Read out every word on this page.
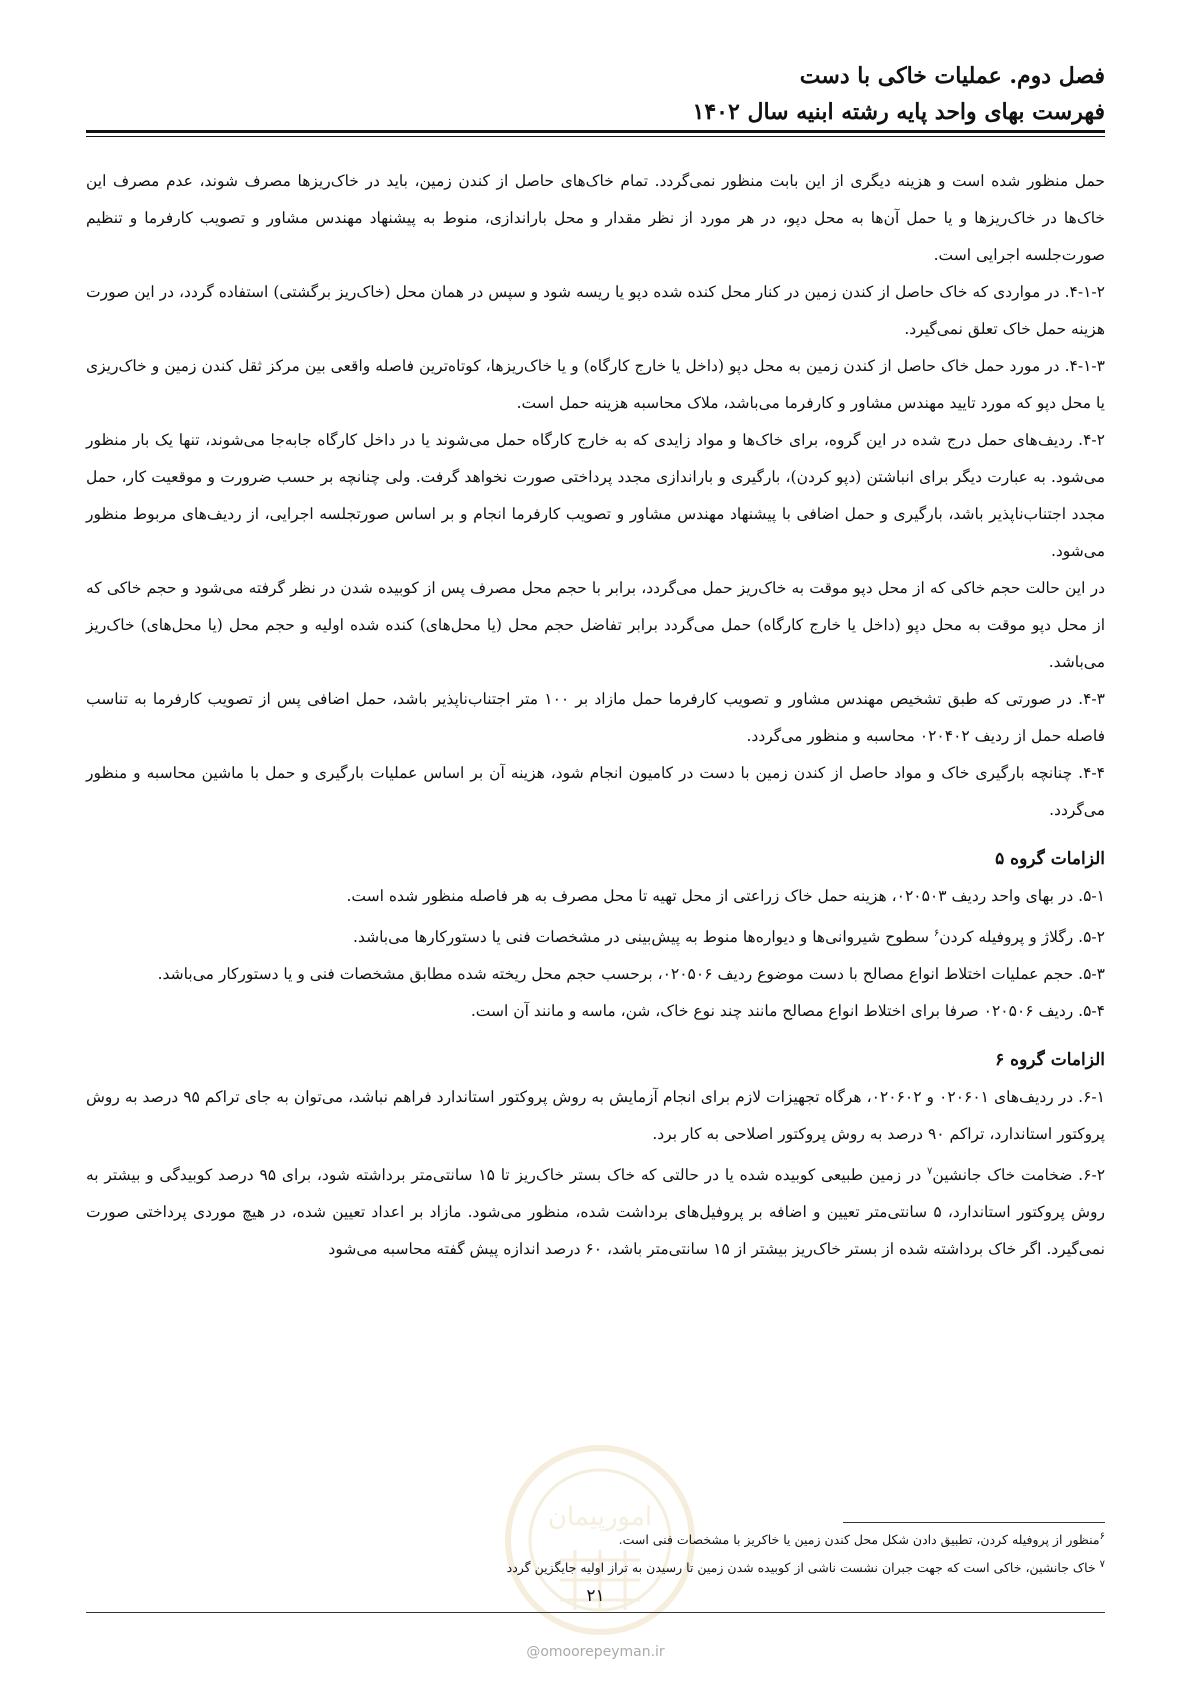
فصل دوم. عملیات خاکی با دست
فهرست بهای واحد پایه رشته ابنیه سال ۱۴۰۲

حمل منظور شده است و هزینه دیگری از این بابت منظور نمی‌گردد. تمام خاک‌های حاصل از کندن زمین، باید در خاک‌ریزها مصرف شوند، عدم مصرف این خاک‌ها در خاک‌ریزها و یا حمل آن‌ها به محل دپو، در هر مورد از نظر مقدار و محل باراندازی، منوط به پیشنهاد مهندس مشاور و تصویب کارفرما و تنظیم صورت‌جلسه اجرایی است.

۴-۱-۲. در مواردی که خاک حاصل از کندن زمین در کنار محل کنده شده دپو یا ریسه شود و سپس در همان محل (خاک‌ریز برگشتی) استفاده گردد، در این صورت هزینه حمل خاک تعلق نمی‌گیرد.

۴-۱-۳. در مورد حمل خاک حاصل از کندن زمین به محل دپو (داخل یا خارج کارگاه) و یا خاک‌ریزها، کوتاه‌ترین فاصله واقعی بین مرکز ثقل کندن زمین و خاک‌ریزی یا محل دپو که مورد تایید مهندس مشاور و کارفرما می‌باشد، ملاک محاسبه هزینه حمل است.

۴-۲. ردیف‌های حمل درج شده در این گروه، برای خاک‌ها و مواد زایدی که به خارج کارگاه حمل می‌شوند یا در داخل کارگاه جابه‌جا می‌شوند، تنها یک بار منظور می‌شود. به عبارت دیگر برای انباشتن (دپو کردن)، بارگیری و باراندازی مجدد پرداختی صورت نخواهد گرفت. ولی چنانچه بر حسب ضرورت و موقعیت کار، حمل مجدد اجتناب‌ناپذیر باشد، بارگیری و حمل اضافی با پیشنهاد مهندس مشاور و تصویب کارفرما انجام و بر اساس صورتجلسه اجرایی، از ردیف‌های مربوط منظور می‌شود.

در این حالت حجم خاکی که از محل دپو موقت به خاک‌ریز حمل می‌گردد، برابر با حجم محل مصرف پس از کوبیده شدن در نظر گرفته می‌شود و حجم خاکی که از محل دپو موقت به محل دپو (داخل یا خارج کارگاه) حمل می‌گردد برابر تفاضل حجم محل (یا محل‌های) کنده شده اولیه و حجم محل (یا محل‌های) خاک‌ریز می‌باشد.

۴-۳. در صورتی که طبق تشخیص مهندس مشاور و تصویب کارفرما حمل مازاد بر ۱۰۰ متر اجتناب‌ناپذیر باشد، حمل اضافی پس از تصویب کارفرما به تناسب فاصله حمل از ردیف ۰۲۰۴۰۲ محاسبه و منظور می‌گردد.

۴-۴. چنانچه بارگیری خاک و مواد حاصل از کندن زمین با دست در کامیون انجام شود، هزینه آن بر اساس عملیات بارگیری و حمل با ماشین محاسبه و منظور می‌گردد.

الزامات گروه ۵

۵-۱. در بهای واحد ردیف ۰۲۰۵۰۳، هزینه حمل خاک زراعتی از محل تهیه تا محل مصرف به هر فاصله منظور شده است.

۵-۲. رگلاژ و پروفیله کردن$^۶$ سطوح شیروانی‌ها و دیواره‌ها منوط به پیش‌بینی در مشخصات فنی یا دستورکارها می‌باشد.

۵-۳. حجم عملیات اختلاط انواع مصالح با دست موضوع ردیف ۰۲۰۵۰۶، برحسب حجم محل ریخته شده مطابق مشخصات فنی و یا دستورکار می‌باشد.

۵-۴. ردیف ۰۲۰۵۰۶ صرفا برای اختلاط انواع مصالح مانند چند نوع خاک، شن، ماسه و مانند آن است.

الزامات گروه ۶

۶-۱. در ردیف‌های ۰۲۰۶۰۱ و ۰۲۰۶۰۲، هرگاه تجهیزات لازم برای انجام آزمایش به روش پروکتور استاندارد فراهم نباشد، می‌توان به جای تراکم ۹۵ درصد به روش پروکتور استاندارد، تراکم ۹۰ درصد به روش پروکتور اصلاحی به کار برد.

۶-۲. ضخامت خاک جانشین$^۷$ در زمین طبیعی کوبیده شده یا در حالتی که خاک بستر خاک‌ریز تا ۱۵ سانتی‌متر برداشته شود، برای ۹۵ درصد کوبیدگی و بیشتر به روش پروکتور استاندارد، ۵ سانتی‌متر تعیین و اضافه بر پروفیل‌های برداشت شده، منظور می‌شود. مازاد بر اعداد تعیین شده، در هیچ موردی پرداختی صورت نمی‌گیرد. اگر خاک برداشته شده از بستر خاک‌ریز بیشتر از ۱۵ سانتی‌متر باشد، ۶۰ درصد اندازه پیش گفته محاسبه می‌شود

امورپیمان
$^۶$منظور از پروفیله کردن، تطبیق دادن شکل محل کندن زمین یا خاکریز با مشخصات فنی است.
$^۷$ خاک جانشین، خاکی است که جهت جبران نشست ناشی از کوبیده شدن زمین تا رسیدن به تراز اولیه جایگزین گردد
۲۱
@omoorepeyman.ir
